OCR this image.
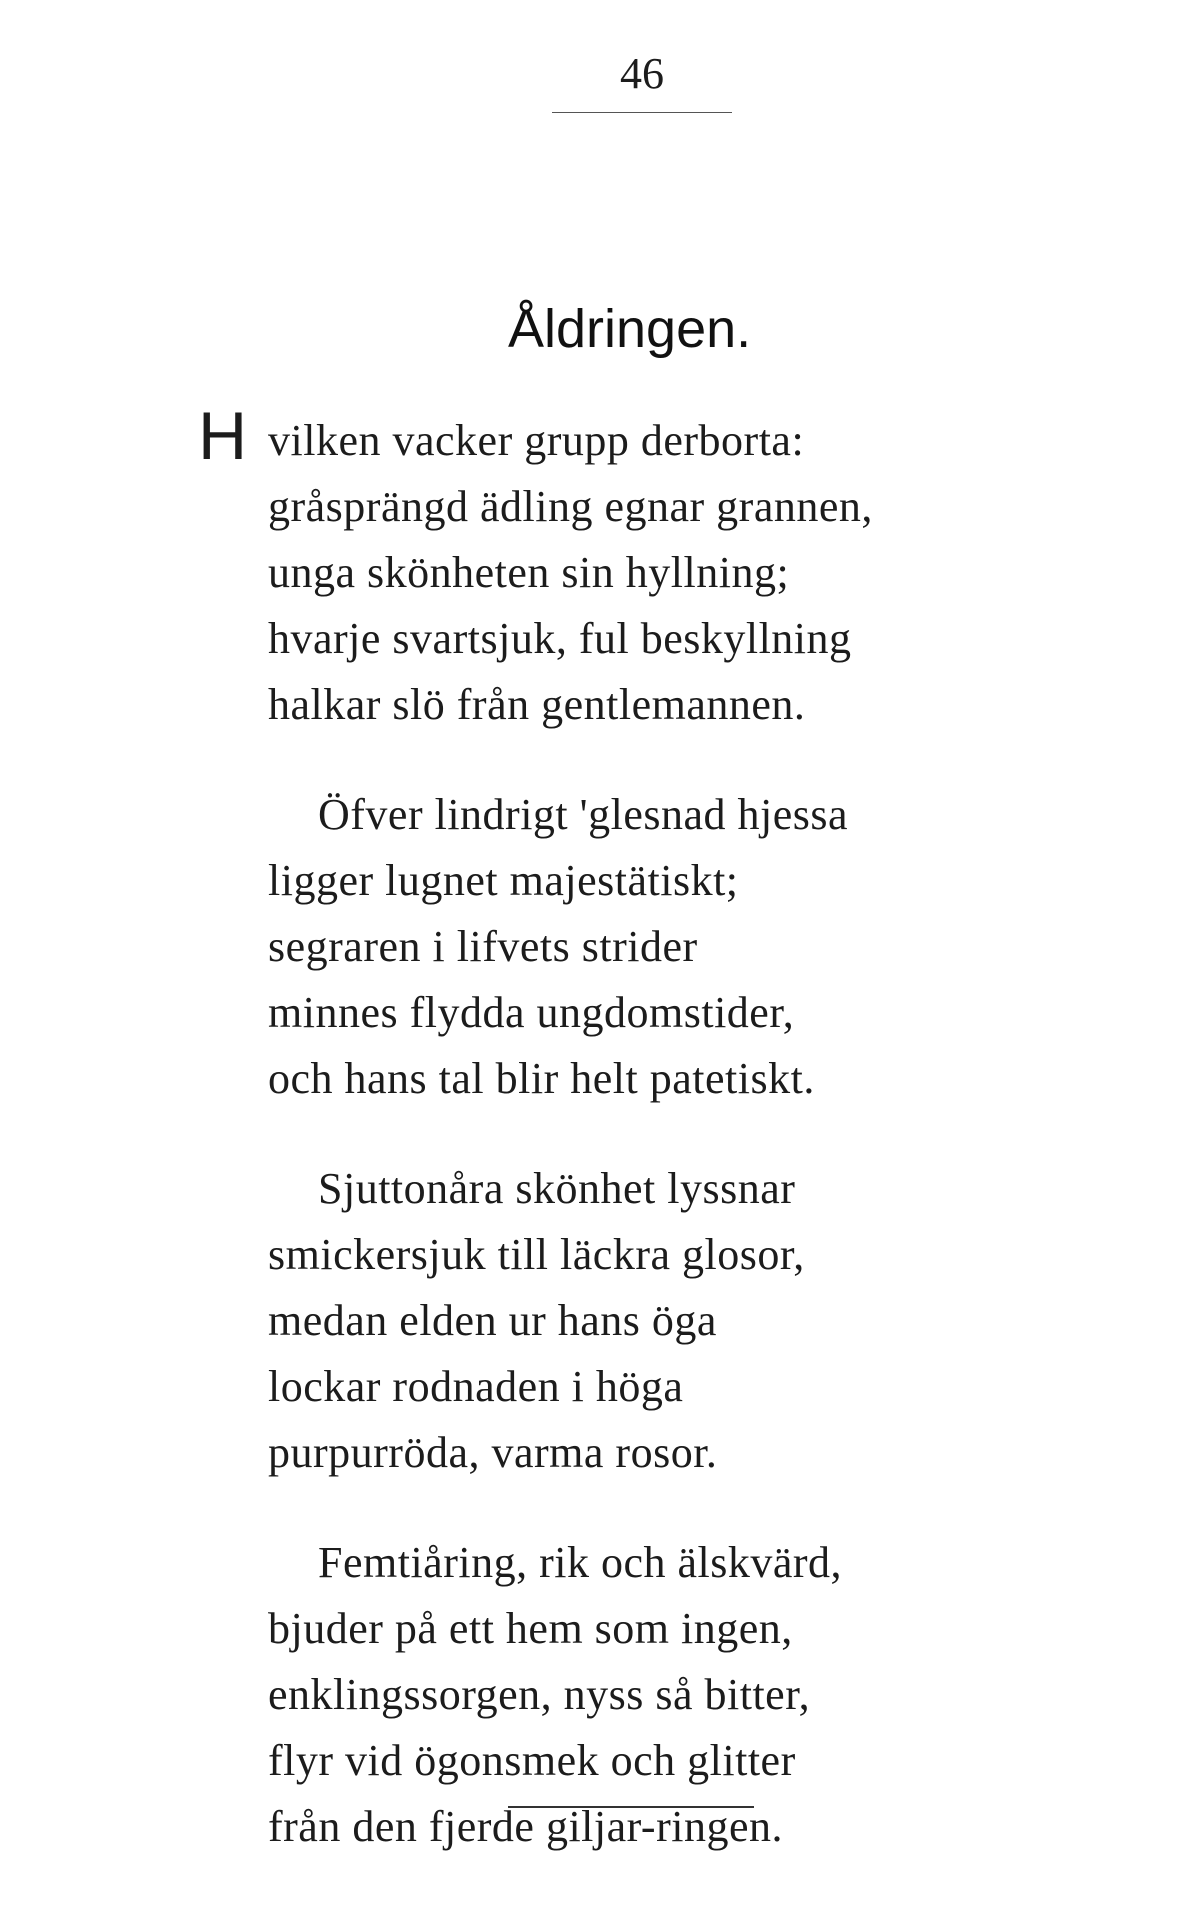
46
Åldringen.
H vilken vacker grupp derborta:
gråsprängd ädling egnar grannen,
unga skönheten sin hyllning;
hvarje svartsjuk, ful beskyllning
halkar slö från gentlemannen.
Öfver lindrigt 'glesnad hjessa
ligger lugnet majestätiskt;
segraren i lifvets strider
minnes flydda ungdomstider,
och hans tal blir helt patetiskt.
Sjuttonåra skönhet lyssnar
smickersjuk till läckra glosor,
medan elden ur hans öga
lockar rodnaden i höga
purpurröda, varma rosor.
Femtiåring, rik och älskvärd,
bjuder på ett hem som ingen,
enklingssorgen, nyss så bitter,
flyr vid ögonsmek och glitter
från den fjerde giljar-ringen.
